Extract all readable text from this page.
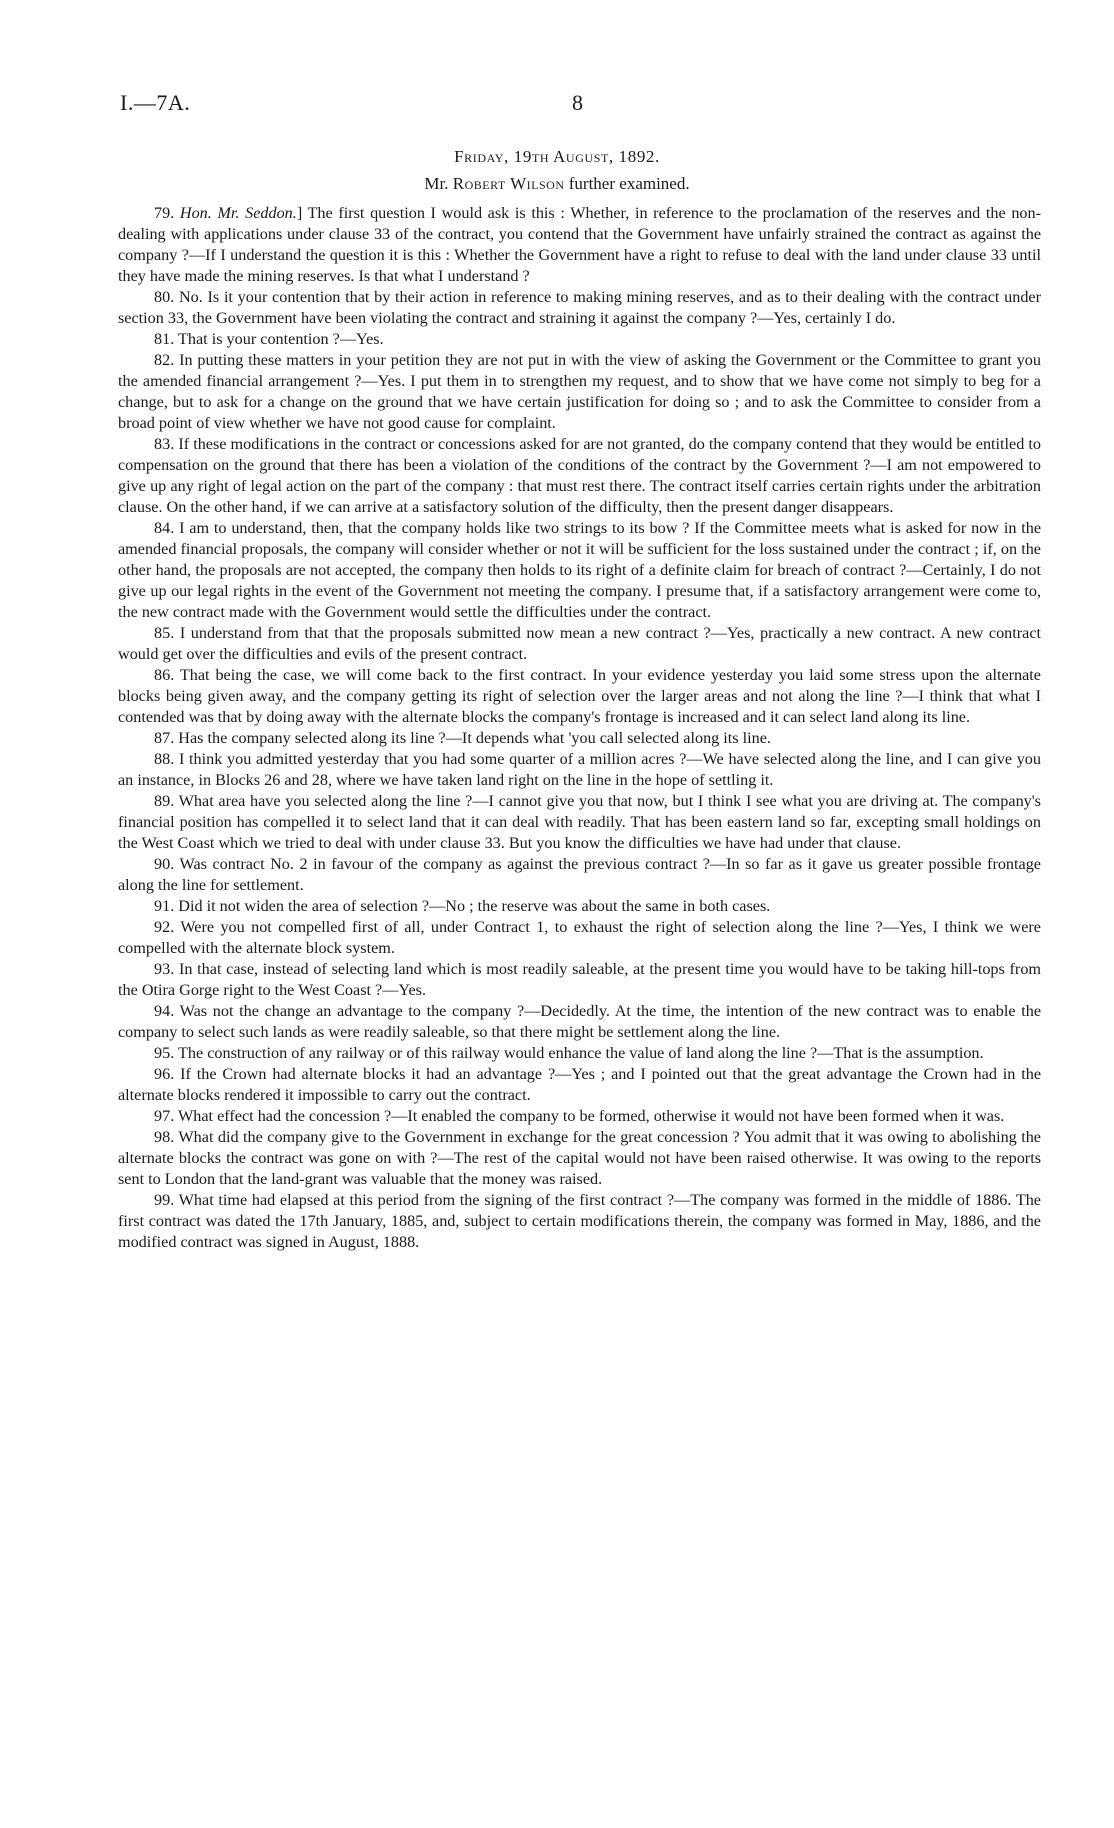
I.—7A.	8
Friday, 19th August, 1892.
Mr. Robert Wilson further examined.

79. Hon. Mr. Seddon.] The first question I would ask is this : Whether, in reference to the proclamation of the reserves and the non-dealing with applications under clause 33 of the contract, you contend that the Government have unfairly strained the contract as against the company ?—If I understand the question it is this : Whether the Government have a right to refuse to deal with the land under clause 33 until they have made the mining reserves. Is that what I understand ?

80. No. Is it your contention that by their action in reference to making mining reserves, and as to their dealing with the contract under section 33, the Government have been violating the contract and straining it against the company ?—Yes, certainly I do.

81. That is your contention ?—Yes.

82. In putting these matters in your petition they are not put in with the view of asking the Government or the Committee to grant you the amended financial arrangement ?—Yes. I put them in to strengthen my request, and to show that we have come not simply to beg for a change, but to ask for a change on the ground that we have certain justification for doing so ; and to ask the Committee to consider from a broad point of view whether we have not good cause for complaint.

83. If these modifications in the contract or concessions asked for are not granted, do the company contend that they would be entitled to compensation on the ground that there has been a violation of the conditions of the contract by the Government ?—I am not empowered to give up any right of legal action on the part of the company : that must rest there. The contract itself carries certain rights under the arbitration clause. On the other hand, if we can arrive at a satisfactory solution of the difficulty, then the present danger disappears.

84. I am to understand, then, that the company holds like two strings to its bow ? If the Committee meets what is asked for now in the amended financial proposals, the company will consider whether or not it will be sufficient for the loss sustained under the contract ; if, on the other hand, the proposals are not accepted, the company then holds to its right of a definite claim for breach of contract ?—Certainly, I do not give up our legal rights in the event of the Government not meeting the company. I presume that, if a satisfactory arrangement were come to, the new contract made with the Government would settle the difficulties under the contract.

85. I understand from that that the proposals submitted now mean a new contract ?—Yes, practically a new contract. A new contract would get over the difficulties and evils of the present contract.

86. That being the case, we will come back to the first contract. In your evidence yesterday you laid some stress upon the alternate blocks being given away, and the company getting its right of selection over the larger areas and not along the line ?—I think that what I contended was that by doing away with the alternate blocks the company's frontage is increased and it can select land along its line.

87. Has the company selected along its line ?—It depends what 'you call selected along its line.

88. I think you admitted yesterday that you had some quarter of a million acres ?—We have selected along the line, and I can give you an instance, in Blocks 26 and 28, where we have taken land right on the line in the hope of settling it.

89. What area have you selected along the line ?—I cannot give you that now, but I think I see what you are driving at. The company's financial position has compelled it to select land that it can deal with readily. That has been eastern land so far, excepting small holdings on the West Coast which we tried to deal with under clause 33. But you know the difficulties we have had under that clause.

90. Was contract No. 2 in favour of the company as against the previous contract ?—In so far as it gave us greater possible frontage along the line for settlement.

91. Did it not widen the area of selection ?—No ; the reserve was about the same in both cases.

92. Were you not compelled first of all, under Contract 1, to exhaust the right of selection along the line ?—Yes, I think we were compelled with the alternate block system.

93. In that case, instead of selecting land which is most readily saleable, at the present time you would have to be taking hill-tops from the Otira Gorge right to the West Coast ?—Yes.

94. Was not the change an advantage to the company ?—Decidedly. At the time, the intention of the new contract was to enable the company to select such lands as were readily saleable, so that there might be settlement along the line.

95. The construction of any railway or of this railway would enhance the value of land along the line ?—That is the assumption.

96. If the Crown had alternate blocks it had an advantage ?—Yes ; and I pointed out that the great advantage the Crown had in the alternate blocks rendered it impossible to carry out the contract.

97. What effect had the concession ?—It enabled the company to be formed, otherwise it would not have been formed when it was.

98. What did the company give to the Government in exchange for the great concession ? You admit that it was owing to abolishing the alternate blocks the contract was gone on with ?—The rest of the capital would not have been raised otherwise. It was owing to the reports sent to London that the land-grant was valuable that the money was raised.

99. What time had elapsed at this period from the signing of the first contract ?—The company was formed in the middle of 1886. The first contract was dated the 17th January, 1885, and, subject to certain modifications therein, the company was formed in May, 1886, and the modified contract was signed in August, 1888.
